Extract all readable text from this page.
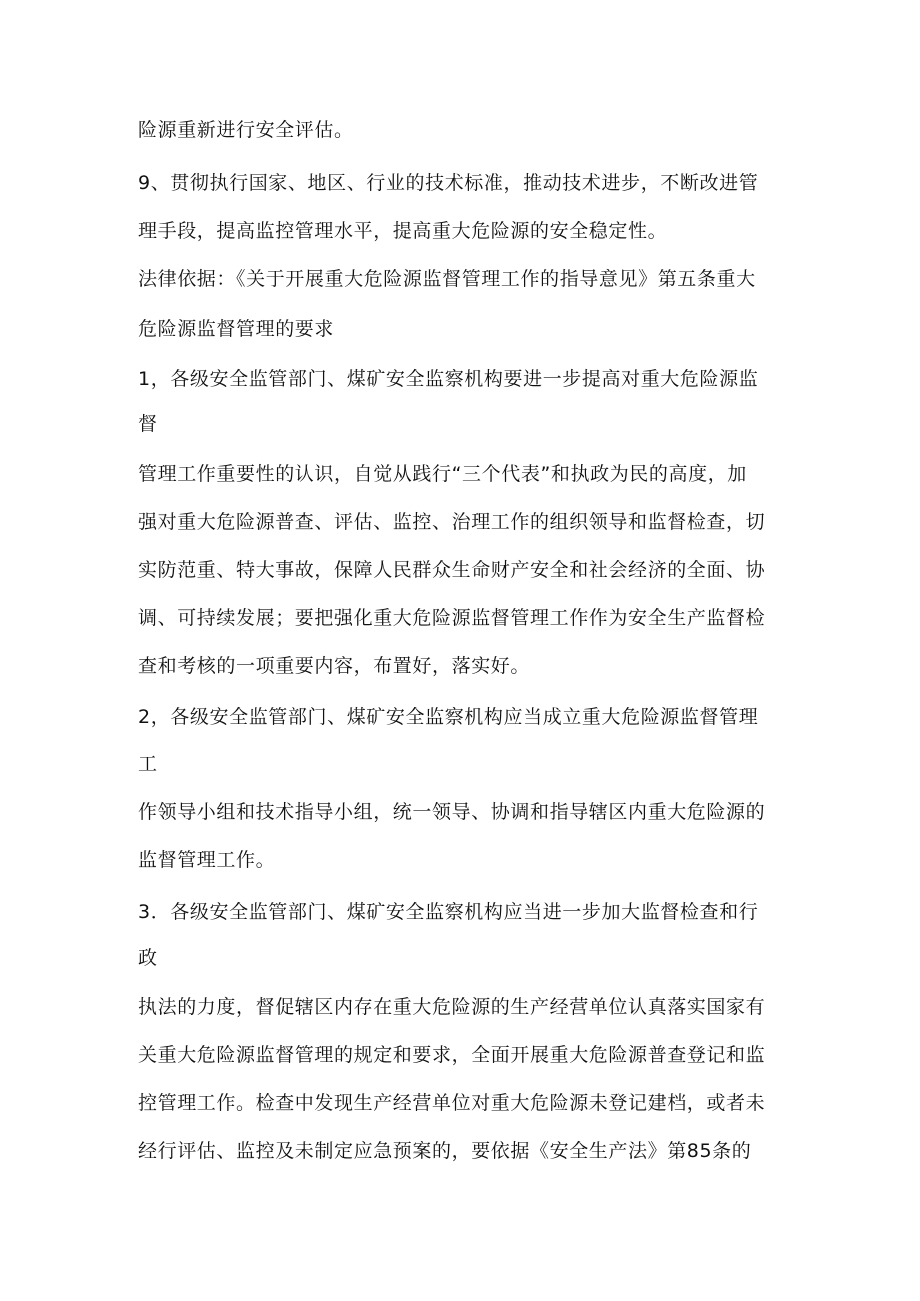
险源重新进行安全评估。
9、贯彻执行国家、地区、行业的技术标准，推动技术进步，不断改进管
理手段，提高监控管理水平，提高重大危险源的安全稳定性。
法律依据：《关于开展重大危险源监督管理工作的指导意见》第五条重大
危险源监督管理的要求
1，各级安全监管部门、煤矿安全监察机构要进一步提高对重大危险源监
督
管理工作重要性的认识，自觉从践行“三个代表”和执政为民的高度，加
强对重大危险源普查、评估、监控、治理工作的组织领导和监督检查，切
实防范重、特大事故，保障人民群众生命财产安全和社会经济的全面、协
调、可持续发展；要把强化重大危险源监督管理工作作为安全生产监督检
查和考核的一项重要内容，布置好，落实好。
2，各级安全监管部门、煤矿安全监察机构应当成立重大危险源监督管理
工
作领导小组和技术指导小组，统一领导、协调和指导辖区内重大危险源的
监督管理工作。
3．各级安全监管部门、煤矿安全监察机构应当进一步加大监督检查和行
政
执法的力度，督促辖区内存在重大危险源的生产经营单位认真落实国家有
关重大危险源监督管理的规定和要求，全面开展重大危险源普查登记和监
控管理工作。检查中发现生产经营单位对重大危险源未登记建档，或者未
经行评估、监控及未制定应急预案的，要依据《安全生产法》第85条的
